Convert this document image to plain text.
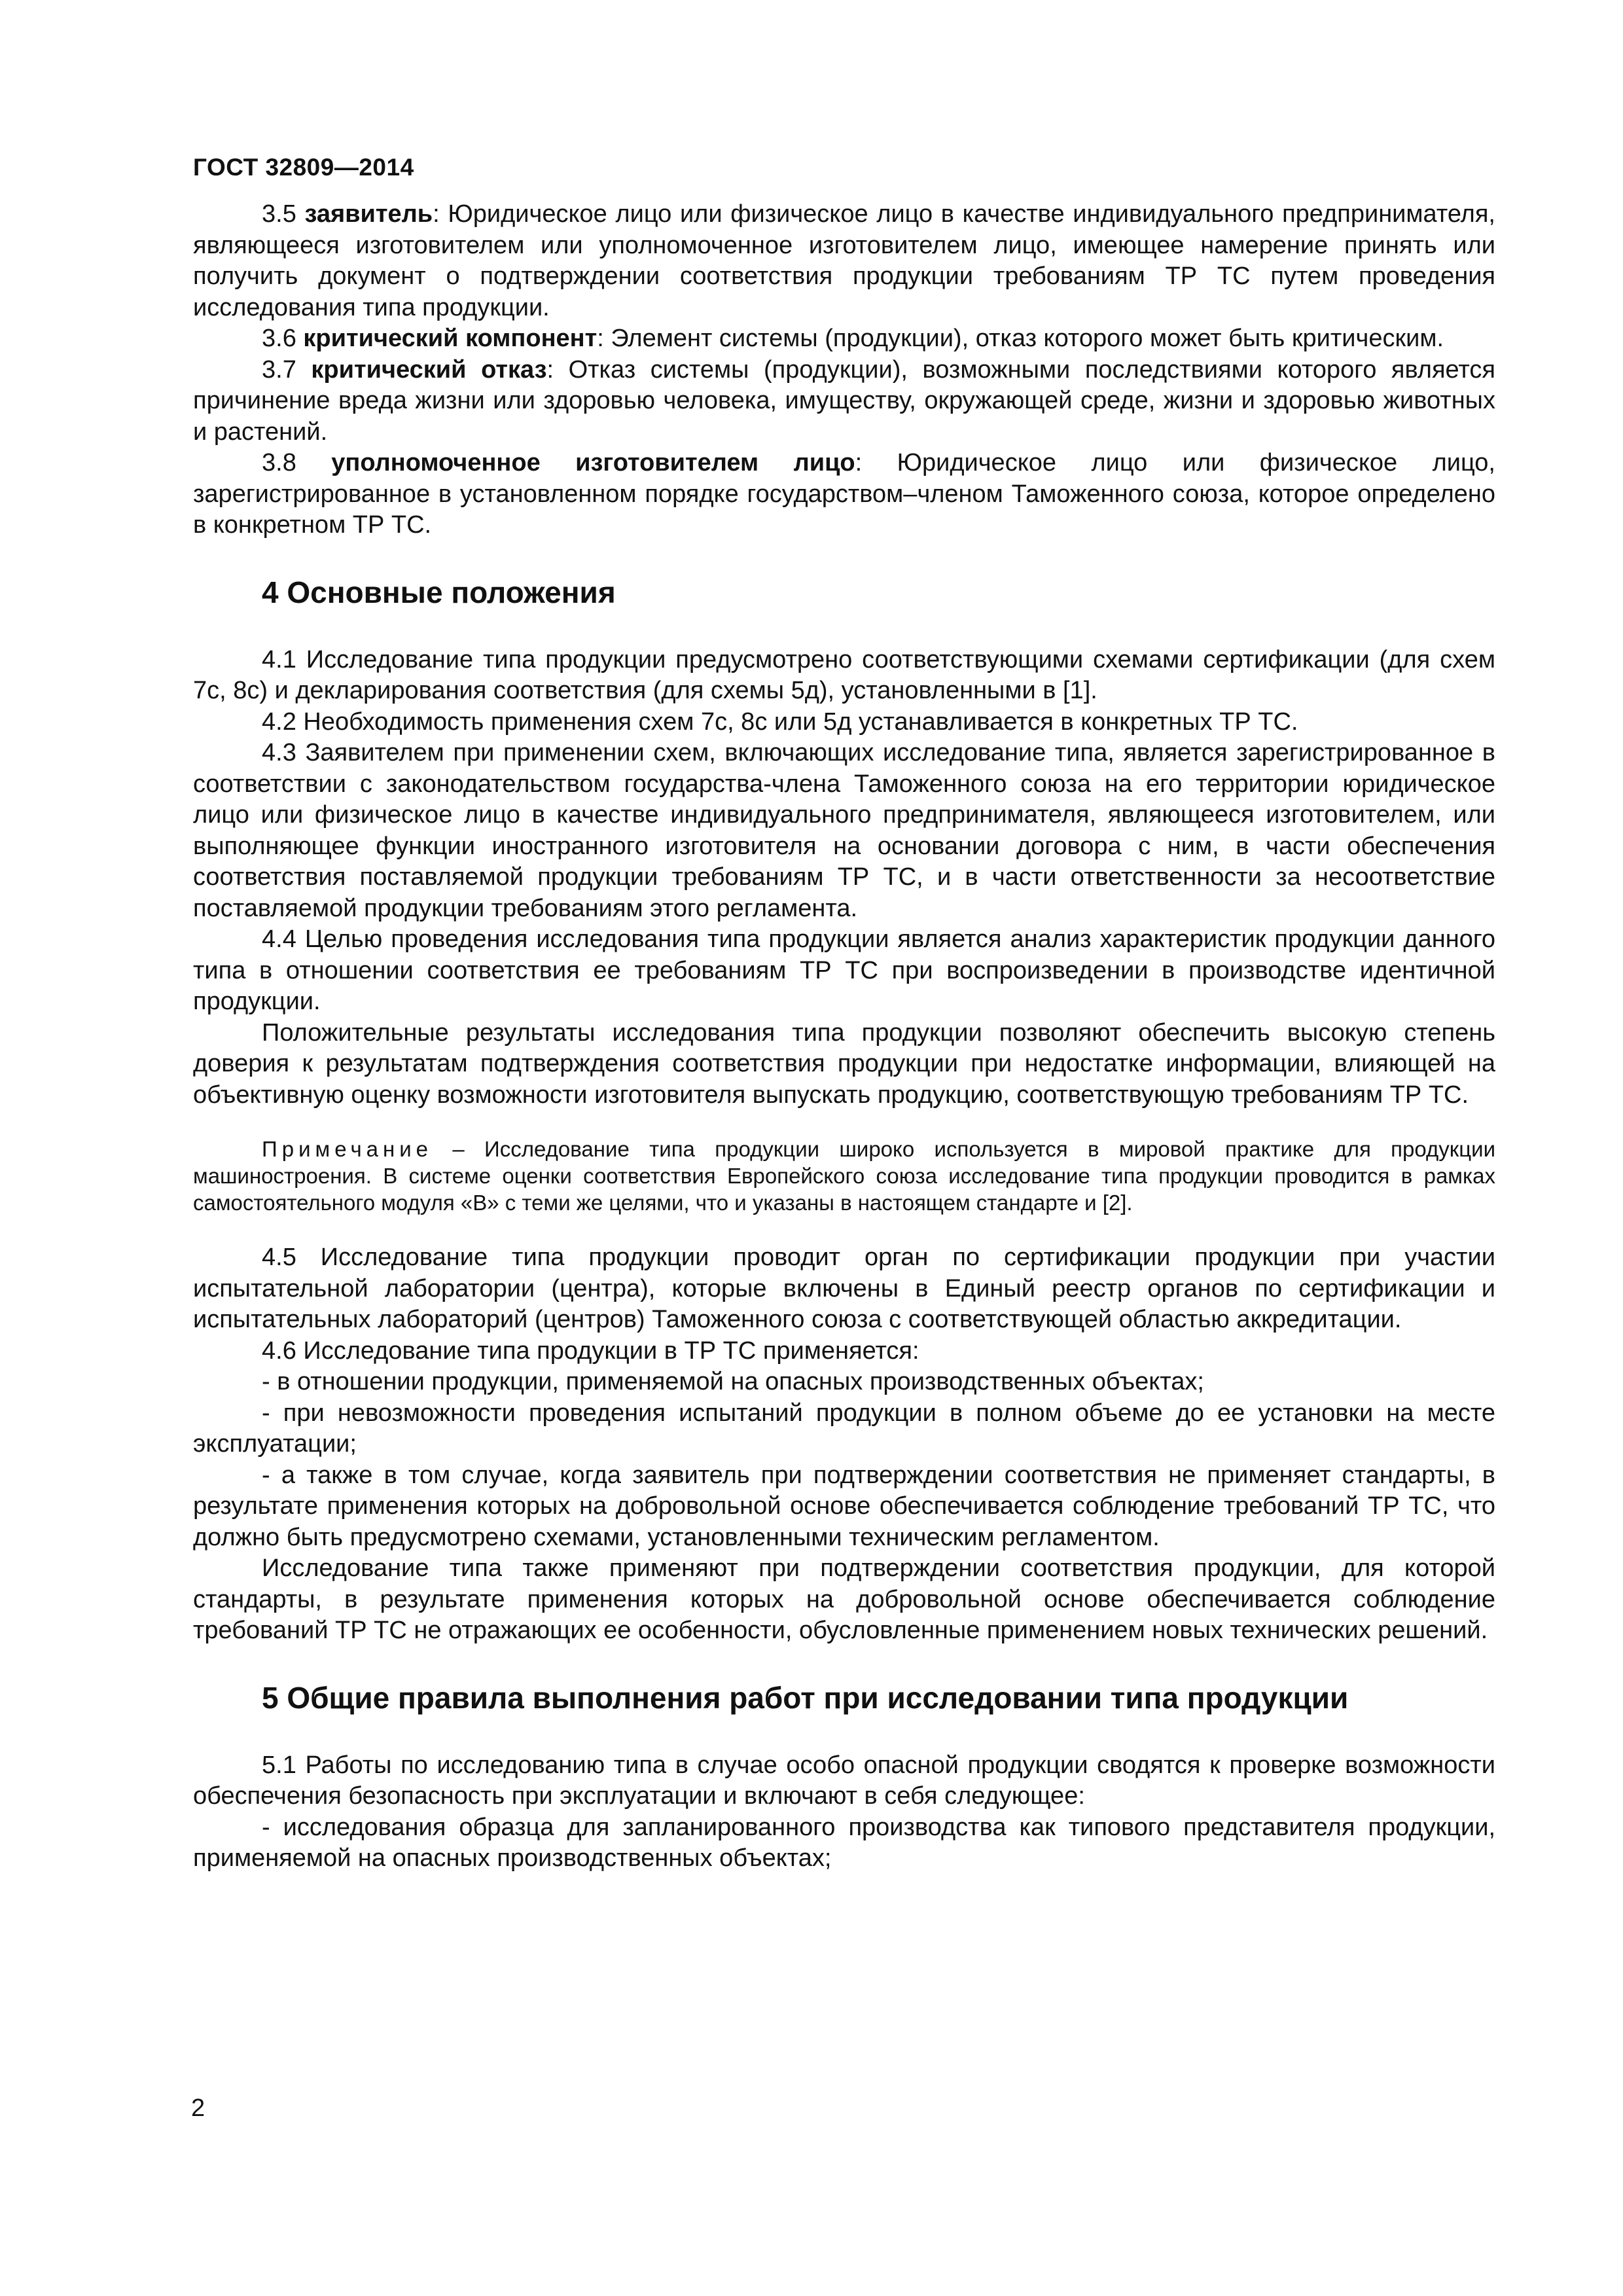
ГОСТ 32809—2014

3.5 заявитель: Юридическое лицо или физическое лицо в качестве индивидуального предпринимателя, являющееся изготовителем или уполномоченное изготовителем лицо, имеющее намерение принять или получить документ о подтверждении соответствия продукции требованиям ТР ТС путем проведения исследования типа продукции.

3.6 критический компонент: Элемент системы (продукции), отказ которого может быть критическим.

3.7 критический отказ: Отказ системы (продукции), возможными последствиями которого является причинение вреда жизни или здоровью человека, имуществу, окружающей среде, жизни и здоровью животных и растений.

3.8 уполномоченное изготовителем лицо: Юридическое лицо или физическое лицо, зарегистрированное в установленном порядке государством–членом Таможенного союза, которое определено в конкретном ТР ТС.

4 Основные положения

4.1 Исследование типа продукции предусмотрено соответствующими схемами сертификации (для схем 7с, 8с) и декларирования соответствия (для схемы 5д), установленными в [1].

4.2 Необходимость применения схем 7с, 8с или 5д устанавливается в конкретных ТР ТС.

4.3 Заявителем при применении схем, включающих исследование типа, является зарегистрированное в соответствии с законодательством государства-члена Таможенного союза на его территории юридическое лицо или физическое лицо в качестве индивидуального предпринимателя, являющееся изготовителем, или выполняющее функции иностранного изготовителя на основании договора с ним, в части обеспечения соответствия поставляемой продукции требованиям ТР ТС, и в части ответственности за несоответствие поставляемой продукции требованиям этого регламента.

4.4 Целью проведения исследования типа продукции является анализ характеристик продукции данного типа в отношении соответствия ее требованиям ТР ТС при воспроизведении в производстве идентичной продукции.

Положительные результаты исследования типа продукции позволяют обеспечить высокую степень доверия к результатам подтверждения соответствия продукции при недостатке информации, влияющей на объективную оценку возможности изготовителя выпускать продукцию, соответствующую требованиям ТР ТС.

Примечание – Исследование типа продукции широко используется в мировой практике для продукции машиностроения. В системе оценки соответствия Европейского союза исследование типа продукции проводится в рамках самостоятельного модуля «В» с теми же целями, что и указаны в настоящем стандарте и [2].

4.5 Исследование типа продукции проводит орган по сертификации продукции при участии испытательной лаборатории (центра), которые включены в Единый реестр органов по сертификации и испытательных лабораторий (центров) Таможенного союза с соответствующей областью аккредитации.

4.6 Исследование типа продукции в ТР ТС применяется:

- в отношении продукции, применяемой на опасных производственных объектах;

- при невозможности проведения испытаний продукции в полном объеме до ее установки на месте эксплуатации;

- а также в том случае, когда заявитель при подтверждении соответствия не применяет стандарты, в результате применения которых на добровольной основе обеспечивается соблюдение требований ТР ТС, что должно быть предусмотрено схемами, установленными техническим регламентом.

Исследование типа также применяют при подтверждении соответствия продукции, для которой стандарты, в результате применения которых на добровольной основе обеспечивается соблюдение требований ТР ТС не отражающих ее особенности, обусловленные применением новых технических решений.

5 Общие правила выполнения работ при исследовании типа продукции

5.1 Работы по исследованию типа в случае особо опасной продукции сводятся к проверке возможности обеспечения безопасность при эксплуатации и включают в себя следующее:

- исследования образца для запланированного производства как типового представителя продукции, применяемой на опасных производственных объектах;

2
